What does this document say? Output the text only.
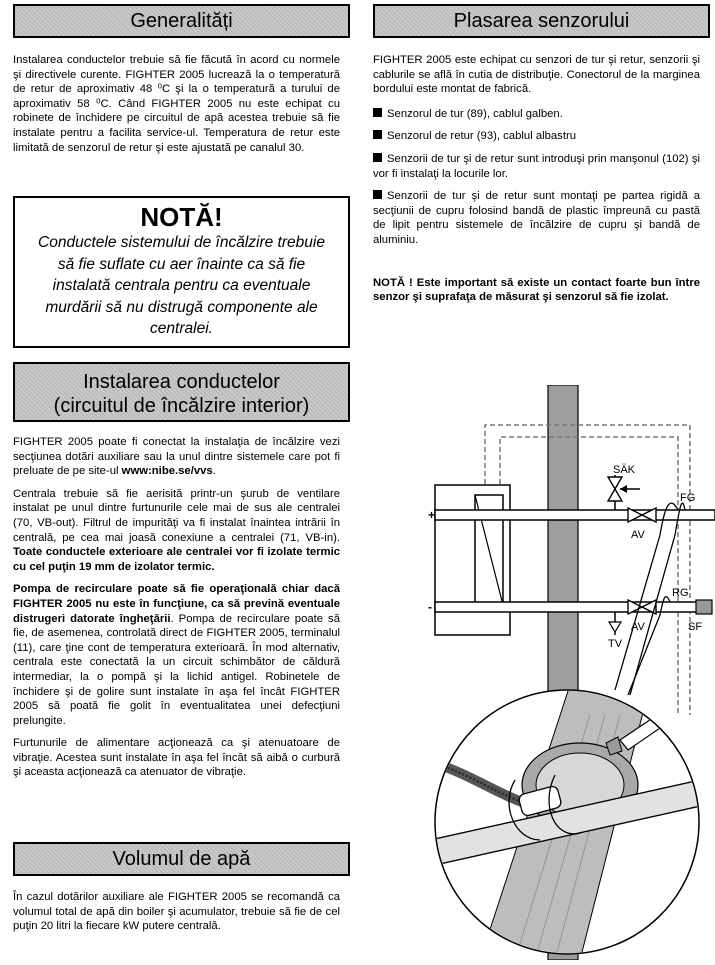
Generalități

Instalarea conductelor trebuie să fie făcută în acord cu normele şi directivele curente. FIGHTER 2005 lucrează la o temperatură de retur de aproximativ 48 ⁰C şi la o temperatură a turului de aproximativ 58 ⁰C. Când FIGHTER 2005 nu este echipat cu robinete de închidere pe circuitul de apă acestea trebuie să fie instalate pentru a facilita service-ul. Temperatura de retur este limitată de senzorul de retur şi este ajustată pe canalul 30.

NOTĂ!
Conductele sistemului de încălzire trebuie să fie suflate cu aer înainte ca să fie instalată centrala pentru ca eventuale murdării să nu distrugă componente ale centralei.
Instalarea conductelor
(circuitul de încălzire interior)

FIGHTER 2005 poate fi conectat la instalaţia de încălzire vezi secţiunea dotări auxiliare sau la unul dintre sistemele care pot fi preluate de pe site-ul www:nibe.se/vvs.

Centrala trebuie să fie aerisită printr-un şurub de ventilare instalat pe unul dintre furtunurile cele mai de sus ale centralei (70, VB-out). Filtrul de impurităţi va fi instalat înaintea intrării în centrală, pe cea mai joasă conexiune a centralei (71, VB-in). Toate conductele exterioare ale centralei vor fi izolate termic cu cel puţin 19 mm de izolator termic.

Pompa de recirculare poate să fie operaţională chiar dacă FIGHTER 2005 nu este în funcţiune, ca să prevină eventuale distrugeri datorate îngheţării. Pompa de recirculare poate să fie, de asemenea, controlată direct de FIGHTER 2005, terminalul (11), care ţine cont de temperatura exterioară. În mod alternativ, centrala este conectată la un circuit schimbător de căldură intermediar, la o pompă şi la lichid antigel. Robinetele de închidere şi de golire sunt instalate în aşa fel încât FIGHTER 2005 să poată fie golit în eventualitatea unei defecţiuni prelungite.

Furtunurile de alimentare acţionează ca şi atenuatoare de vibraţie. Acestea sunt instalate în aşa fel încât să aibă o curbură şi aceasta acţionează ca atenuator de vibraţie.

Volumul de apă

În cazul dotărilor auxiliare ale FIGHTER 2005 se recomandă ca volumul total de apă din boiler şi acumulator, trebuie să fie de cel puţin 20 litri la fiecare kW putere centrală.

Plasarea senzorului

FIGHTER 2005 este echipat cu senzori de tur şi retur, senzorii şi cablurile se află în cutia de distribuţie. Conectorul de la marginea bordului este montat de fabrică.

Senzorul de tur (89), cablul galben.

Senzorul de retur (93), cablul albastru

Senzorii de tur şi de retur sunt introduşi prin manşonul (102) şi vor fi instalaţi la locurile lor.

Senzorii de tur şi de retur sunt montaţi pe partea rigidă a secţiunii de cupru folosind bandă de plastic împreună cu pastă de lipit pentru sistemele de încălzire de cupru şi bandă de aluminiu.

NOTĂ ! Este important să existe un contact foarte bun între senzor şi suprafaţa de măsurat şi senzorul să fie izolat.

+
-
SÄK
FG
AV
RG
AV	SF
TV
